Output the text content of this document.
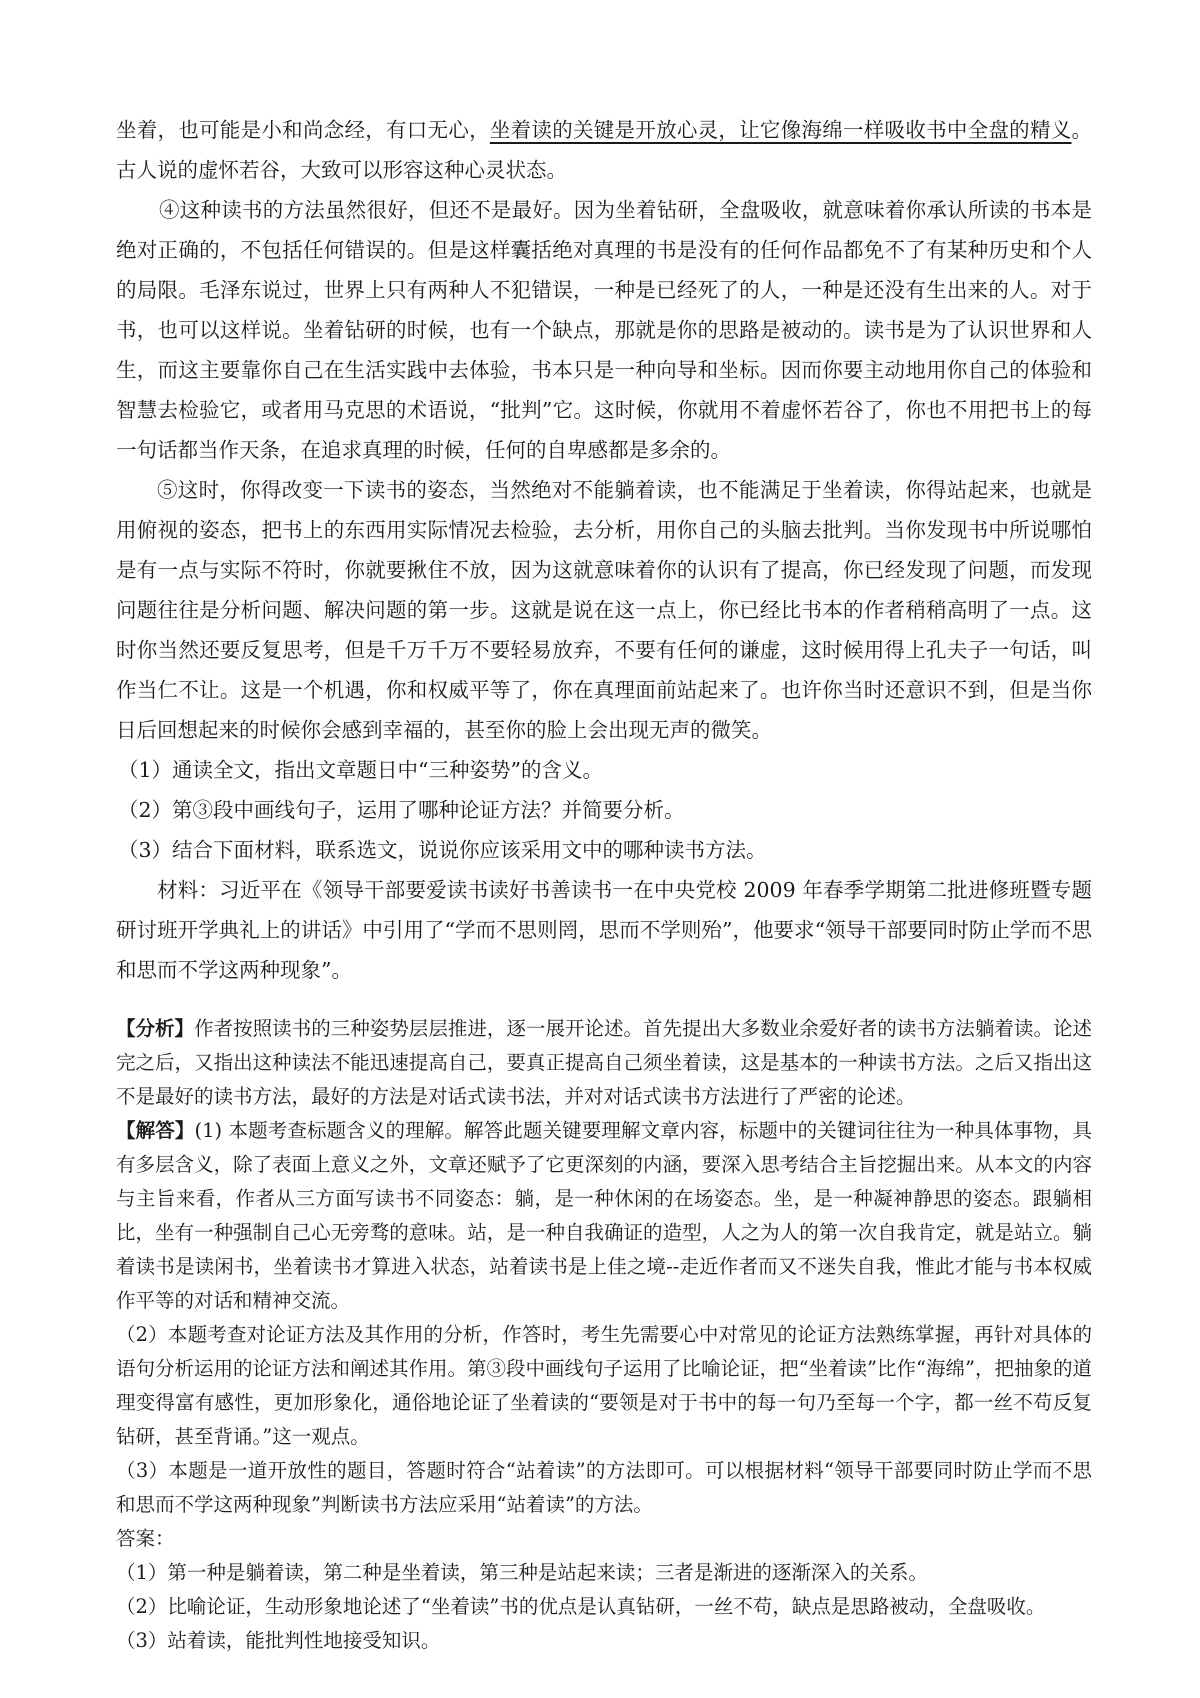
坐着，也可能是小和尚念经，有口无心，坐着读的关键是开放心灵，让它像海绵一样吸收书中全盘的精义。古人说的虚怀若谷，大致可以形容这种心灵状态。

④这种读书的方法虽然很好，但还不是最好。因为坐着钻研，全盘吸收，就意味着你承认所读的书本是绝对正确的，不包括任何错误的。但是这样囊括绝对真理的书是没有的任何作品都免不了有某种历史和个人的局限。毛泽东说过，世界上只有两种人不犯错误，一种是已经死了的人，一种是还没有生出来的人。对于书，也可以这样说。坐着钻研的时候，也有一个缺点，那就是你的思路是被动的。读书是为了认识世界和人生，而这主要靠你自己在生活实践中去体验，书本只是一种向导和坐标。因而你要主动地用你自己的体验和智慧去检验它，或者用马克思的术语说，“批判”它。这时候，你就用不着虚怀若谷了，你也不用把书上的每一句话都当作天条，在追求真理的时候，任何的自卑感都是多余的。

⑤这时，你得改变一下读书的姿态，当然绝对不能躺着读，也不能满足于坐着读，你得站起来，也就是用俯视的姿态，把书上的东西用实际情况去检验，去分析，用你自己的头脑去批判。当你发现书中所说哪怕是有一点与实际不符时，你就要揪住不放，因为这就意味着你的认识有了提高，你已经发现了问题，而发现问题往往是分析问题、解决问题的第一步。这就是说在这一点上，你已经比书本的作者稍稍高明了一点。这时你当然还要反复思考，但是千万千万不要轻易放弃，不要有任何的谦虚，这时候用得上孔夫子一句话，叫作当仁不让。这是一个机遇，你和权威平等了，你在真理面前站起来了。也许你当时还意识不到，但是当你日后回想起来的时候你会感到幸福的，甚至你的脸上会出现无声的微笑。

（1）通读全文，指出文章题日中“三种姿势”的含义。

（2）第③段中画线句子，运用了哪种论证方法？并简要分析。

（3）结合下面材料，联系选文，说说你应该采用文中的哪种读书方法。

材料：习近平在《领导干部要爱读书读好书善读书一在中央党校 2009 年春季学期第二批进修班暨专题研讨班开学典礼上的讲话》中引用了“学而不思则罔，思而不学则殆”，他要求“领导干部要同时防止学而不思和思而不学这两种现象”。

【分析】作者按照读书的三种姿势层层推进，逐一展开论述。首先提出大多数业余爱好者的读书方法躺着读。论述完之后，又指出这种读法不能迅速提高自己，要真正提高自己须坐着读，这是基本的一种读书方法。之后又指出这不是最好的读书方法，最好的方法是对话式读书法，并对对话式读书方法进行了严密的论述。

【解答】(1) 本题考查标题含义的理解。解答此题关键要理解文章内容，标题中的关键词往往为一种具体事物，具有多层含义，除了表面上意义之外，文章还赋予了它更深刻的内涵，要深入思考结合主旨挖掘出来。从本文的内容与主旨来看，作者从三方面写读书不同姿态：躺，是一种休闲的在场姿态。坐，是一种凝神静思的姿态。跟躺相比，坐有一种强制自己心无旁骛的意味。站，是一种自我确证的造型，人之为人的第一次自我肯定，就是站立。躺着读书是读闲书，坐着读书才算进入状态，站着读书是上佳之境--走近作者而又不迷失自我，惟此才能与书本权威作平等的对话和精神交流。

（2）本题考查对论证方法及其作用的分析，作答时，考生先需要心中对常见的论证方法熟练掌握，再针对具体的语句分析运用的论证方法和阐述其作用。第③段中画线句子运用了比喻论证，把“坐着读”比作“海绵”，把抽象的道理变得富有感性，更加形象化，通俗地论证了坐着读的“要领是对于书中的每一句乃至每一个字，都一丝不苟反复钻研，甚至背诵。”这一观点。

（3）本题是一道开放性的题目，答题时符合“站着读”的方法即可。可以根据材料“领导干部要同时防止学而不思和思而不学这两种现象”判断读书方法应采用“站着读”的方法。

答案：

（1）第一种是躺着读，第二种是坐着读，第三种是站起来读；三者是渐进的逐渐深入的关系。

（2）比喻论证，生动形象地论述了“坐着读”书的优点是认真钻研，一丝不苟，缺点是思路被动，全盘吸收。

（3）站着读，能批判性地接受知识。
